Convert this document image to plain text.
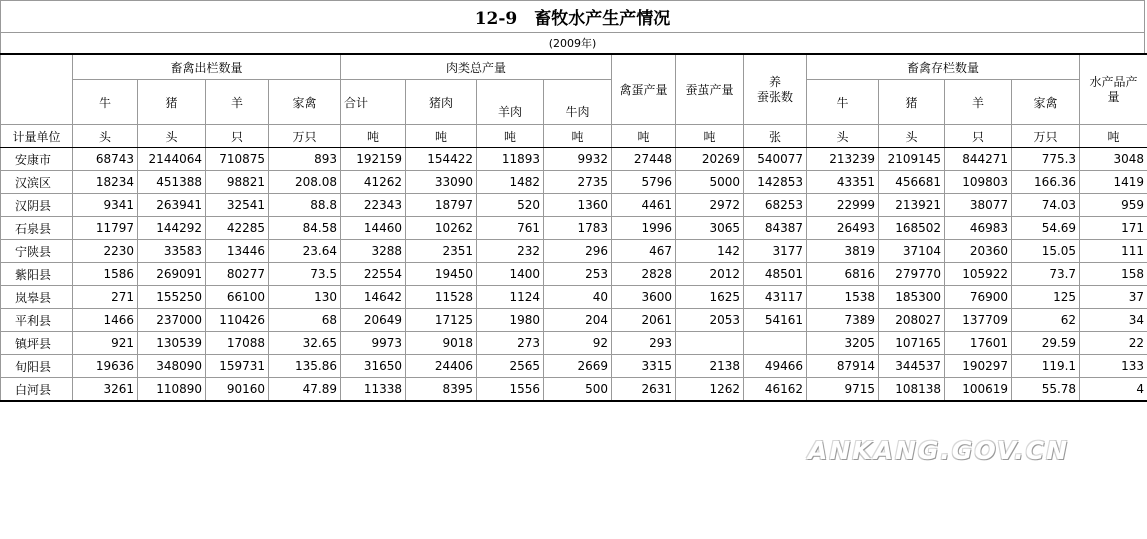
12-9　畜牧水产生产情况
(2009年)
	畜禽出栏数量				肉类总产量				禽蛋产量	蚕茧产量	养
蚕张数	畜禽存栏数量				水产品产
量
	牛	猪	羊	家禽	合计	猪肉	羊肉	牛肉				牛	猪	羊	家禽	
计量单位	头	头	只	万只	吨	吨	吨	吨	吨	吨	张	头	头	只	万只	吨
安康市	68743	2144064	710875	893	192159	154422	11893	9932	27448	20269	540077	213239	2109145	844271	775.3	3048
汉滨区	18234	451388	98821	208.08	41262	33090	1482	2735	5796	5000	142853	43351	456681	109803	166.36	1419
汉阴县	9341	263941	32541	88.8	22343	18797	520	1360	4461	2972	68253	22999	213921	38077	74.03	959
石泉县	11797	144292	42285	84.58	14460	10262	761	1783	1996	3065	84387	26493	168502	46983	54.69	171
宁陕县	2230	33583	13446	23.64	3288	2351	232	296	467	142	3177	3819	37104	20360	15.05	111
紫阳县	1586	269091	80277	73.5	22554	19450	1400	253	2828	2012	48501	6816	279770	105922	73.7	158
岚皋县	271	155250	66100	130	14642	11528	1124	40	3600	1625	43117	1538	185300	76900	125	37
平利县	1466	237000	110426	68	20649	17125	1980	204	2061	2053	54161	7389	208027	137709	62	34
镇坪县	921	130539	17088	32.65	9973	9018	273	92	293			3205	107165	17601	29.59	22
旬阳县	19636	348090	159731	135.86	31650	24406	2565	2669	3315	2138	49466	87914	344537	190297	119.1	133
白河县	3261	110890	90160	47.89	11338	8395	1556	500	2631	1262	46162	9715	108138	100619	55.78	4
ANKANG.GOV.CN
